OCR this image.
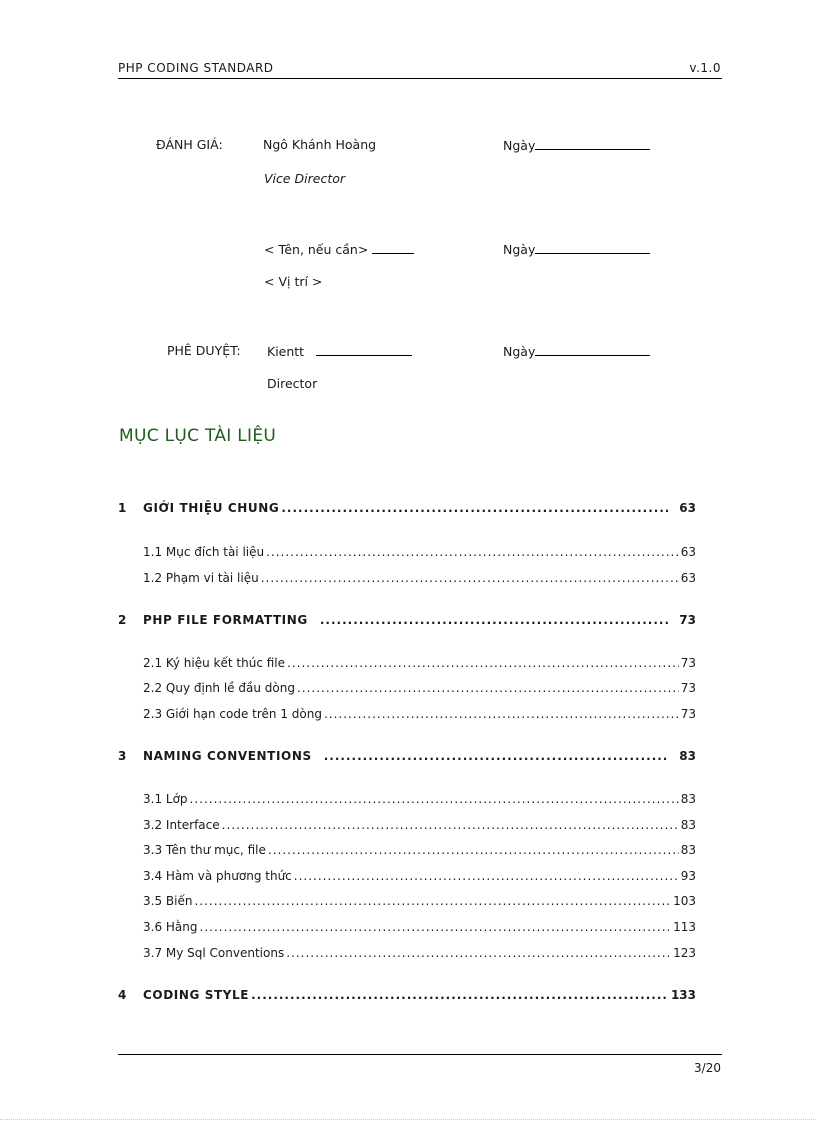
PHP CODING STANDARD	v.1.0
ĐÁNH GIÁ:	Ngô Khánh Hoàng	Ngày
Vice Director
< Tên, nếu cần>	Ngày
< Vị trí >
PHÊ DUYỆT: Kientt	Ngày
Director
MỤC LỤC TÀI LIỆU
1	GIỚI THIỆU CHUNG .....	63
1.1 Mục đích tài liệu .....	63
1.2 Phạm vi tài liệu .....	63
2	PHP FILE FORMATTING .....	73
2.1 Ký hiệu kết thúc file .....	73
2.2 Quy định lề đầu dòng .....	73
2.3 Giới hạn code trên 1 dòng .....	73
3	NAMING CONVENTIONS .....	83
3.1 Lớp .....	83
3.2 Interface .....	83
3.3 Tên thư mục, file .....	83
3.4 Hàm và phương thức .....	93
3.5 Biến .....	103
3.6 Hằng .....	113
3.7 My Sql Conventions .....	123
4	CODING STYLE .....	133
3/20
